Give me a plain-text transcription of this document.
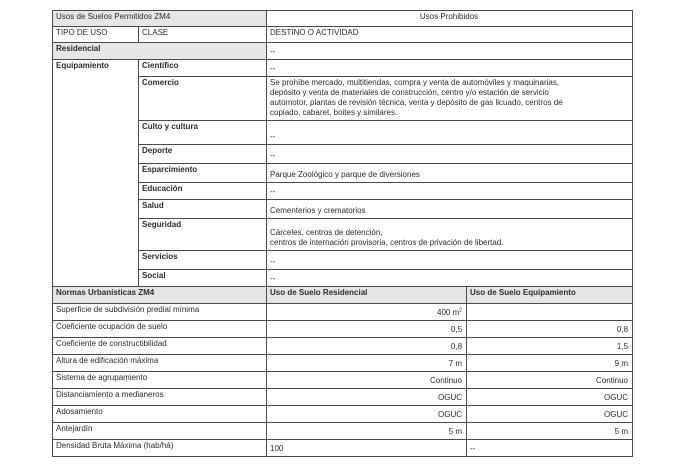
Usos de Suelos Permitidos ZM4		Usos Prohibidos	
TIPO DE USO	CLASE	DESTINO O ACTIVIDAD	
Residencial		--	
Equipamiento	Científico	--	
	Comercio	Se prohíbe mercado, multitiendas, compra y venta de automóviles y maquinarias,
depósito y venta de materiales de construcción, centro y/o estación de servicio
automotor, plantas de revisión técnica, venta y depósito de gas licuado, centros de
copiado, cabaret, boites y similares.	

	Culto y cultura	--	
	Deporte	--	
	Esparcimiento	Parque Zoológico y parque de diversiones	
	Educación	--	
	Salud	Cementerios y crematorios	
	Seguridad	Cárceles, centros de detención,
centros de internación provisoria, centros de privación de libertad.	

	Servicios	--	
	Social	--	
Normas Urbanísticas ZM4		Uso de Suelo Residencial	Uso de Suelo Equipamiento
Superficie de subdivisión predial mínima		400 $m^2$	
Coeficiente ocupación de suelo		0,5	0,8
Coeficiente de constructibilidad		0,8	1,5
Altura de edificación máxima		7 m	9 m
Sistema de agrupamiento		Continuo	Continuo
Distanciamiento a medianeros		OGUC	OGUC
Adosamiento		OGUC	OGUC
Antejardín		5 m	5 m
Densidad Bruta Máxima (hab/há)		100	--
